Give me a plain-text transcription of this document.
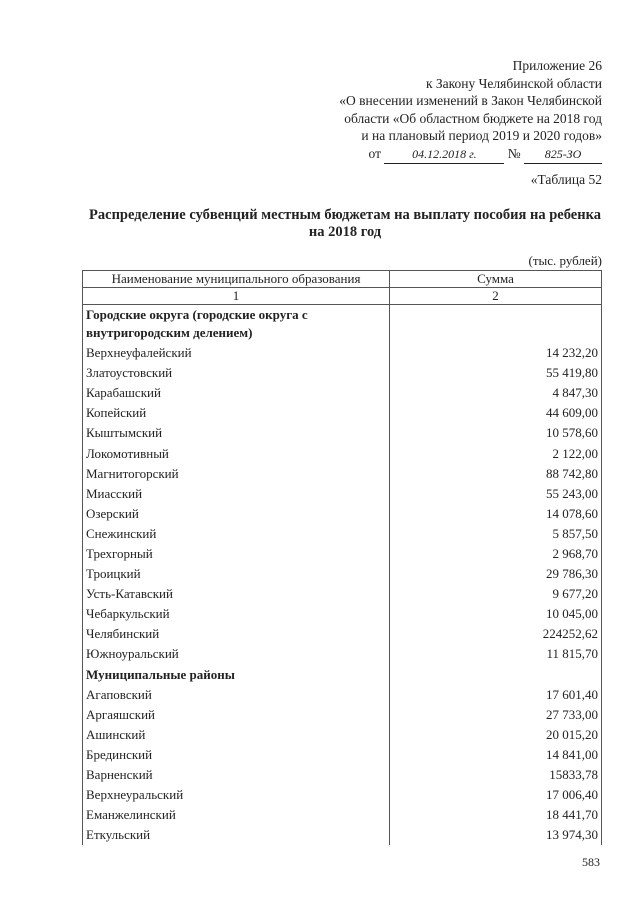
Приложение 26
к Закону Челябинской области
«О внесении изменений в Закон Челябинской
области «Об областном бюджете на 2018 год
и на плановый период 2019 и 2020 годов»
от	04.12.2018 г. № 825-ЗО
«Таблица 52
Распределение субвенций местным бюджетам на выплату пособия на ребенка на 2018 год
(тыс. рублей)
Наименование муниципального образования	Сумма
1	2
Городские округа (городские округа с внутригородским делением)	
Верхнеуфалейский	14 232,20
Златоустовский	55 419,80
Карабашский	4 847,30
Копейский	44 609,00
Кыштымский	10 578,60
Локомотивный	2 122,00
Магнитогорский	88 742,80
Миасский	55 243,00
Озерский	14 078,60
Снежинский	5 857,50
Трехгорный	2 968,70
Троицкий	29 786,30
Усть-Катавский	9 677,20
Чебаркульский	10 045,00
Челябинский	224252,62
Южноуральский	11 815,70
Муниципальные районы	
Агаповский	17 601,40
Аргаяшский	27 733,00
Ашинский	20 015,20
Брединский	14 841,00
Варненский	15833,78
Верхнеуральский	17 006,40
Еманжелинский	18 441,70
Еткульский	13 974,30
583
